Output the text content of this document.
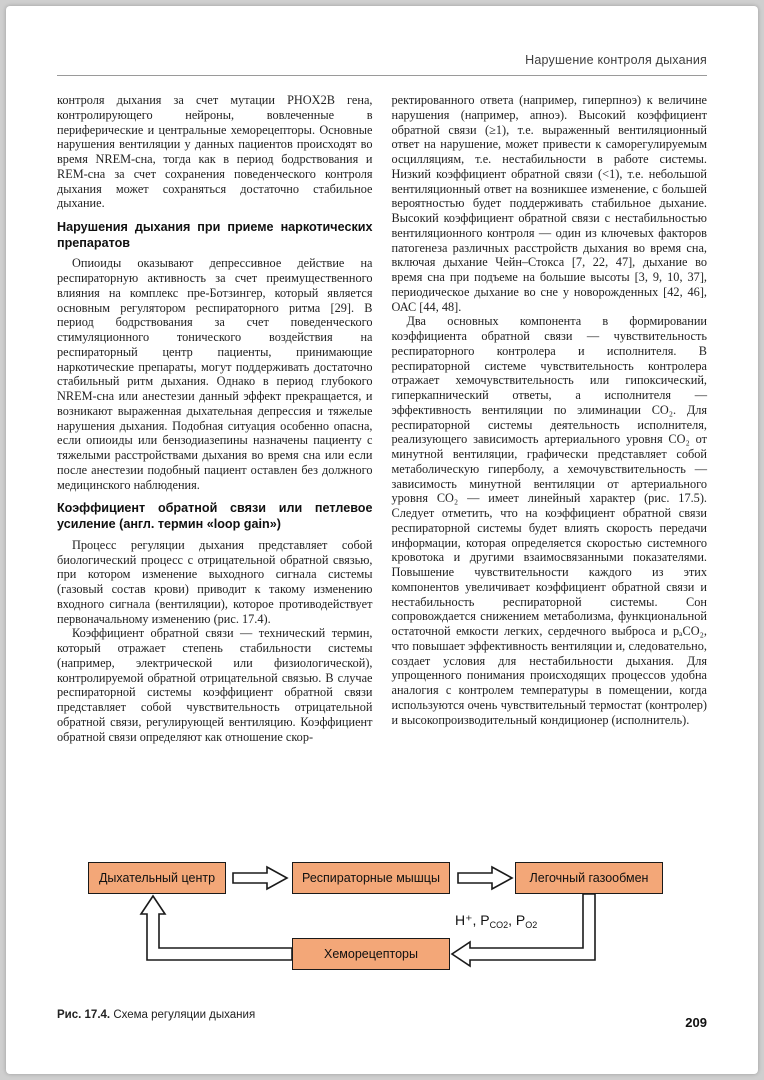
Нарушение контроля дыхания

контроля дыхания за счет мутации PHOX2B гена, контролирующего нейроны, вовлеченные в периферические и центральные хеморецепторы. Основные нарушения вентиляции у данных пациентов происходят во время NREM-сна, тогда как в период бодрствования и REM-сна за счет сохранения поведенческого контроля дыхания может сохраняться достаточно стабильное дыхание.

Нарушения дыхания при приеме наркотических препаратов

Опиоиды оказывают депрессивное действие на респираторную активность за счет преимущественного влияния на комплекс пре-Ботзингер, который является основным регулятором респираторного ритма [29]. В период бодрствования за счет поведенческого стимуляционного тонического воздействия на респираторный центр пациенты, принимающие наркотические препараты, могут поддерживать достаточно стабильный ритм дыхания. Однако в период глубокого NREM-сна или анестезии данный эффект прекращается, и возникают выраженная дыхательная депрессия и тяжелые нарушения дыхания. Подобная ситуация особенно опасна, если опиоиды или бензодиазепины назначены пациенту с тяжелыми расстройствами дыхания во время сна или если после анестезии подобный пациент оставлен без должного медицинского наблюдения.

Коэффициент обратной связи или петлевое усиление (англ. термин «loop gain»)

Процесс регуляции дыхания представляет собой биологический процесс с отрицательной обратной связью, при котором изменение выходного сигнала системы (газовый состав крови) приводит к такому изменению входного сигнала (вентиляции), которое противодействует первоначальному изменению (рис. 17.4).

Коэффициент обратной связи — технический термин, который отражает степень стабильности системы (например, электрической или физиологической), контролируемой обратной отрицательной связью. В случае респираторной системы коэффициент обратной связи представляет собой чувствительность отрицательной обратной связи, регулирующей вентиляцию. Коэффициент обратной связи определяют как отношение скор-

ректированного ответа (например, гиперпноэ) к величине нарушения (например, апноэ). Высокий коэффициент обратной связи (≥1), т.е. выраженный вентиляционный ответ на нарушение, может привести к саморегулируемым осцилляциям, т.е. нестабильности в работе системы. Низкий коэффициент обратной связи (<1), т.е. небольшой вентиляционный ответ на возникшее изменение, с большей вероятностью будет поддерживать стабильное дыхание. Высокий коэффициент обратной связи с нестабильностью вентиляционного контроля — один из ключевых факторов патогенеза различных расстройств дыхания во время сна, включая дыхание Чейн–Стокса [7, 22, 47], дыхание во время сна при подъеме на большие высоты [3, 9, 10, 37], периодическое дыхание во сне у новорожденных [42, 46], ОАС [44, 48].

Два основных компонента в формировании коэффициента обратной связи — чувствительность респираторного контролера и исполнителя. В респираторной системе чувствительность контролера отражает хемочувствительность или гипоксический, гиперкапнический ответы, а исполнителя — эффективность вентиляции по элиминации CO₂. Для респираторной системы деятельность исполнителя, реализующего зависимость артериального уровня CO₂ от минутной вентиляции, графически представляет собой метаболическую гиперболу, а хемочувствительность — зависимость минутной вентиляции от артериального уровня CO₂ — имеет линейный характер (рис. 17.5). Следует отметить, что на коэффициент обратной связи респираторной системы будет влиять скорость передачи информации, которая определяется скоростью системного кровотока и другими взаимосвязанными показателями. Повышение чувствительности каждого из этих компонентов увеличивает коэффициент обратной связи и нестабильность респираторной системы. Сон сопровождается снижением метаболизма, функциональной остаточной емкости легких, сердечного выброса и pₐCO₂, что повышает эффективность вентиляции и, следовательно, создает условия для нестабильности дыхания. Для упрощенного понимания происходящих процессов удобна аналогия с контролем температуры в помещении, когда используются очень чувствительный термостат (контролер) и высокопроизводительный кондиционер (исполнитель).

Дыхательный центр	Респираторные мышцы	Легочный газообмен
Хеморецепторы
H⁺, $P_{CO2}$, $P_{O2}$
Рис. 17.4. Схема регуляции дыхания	209
